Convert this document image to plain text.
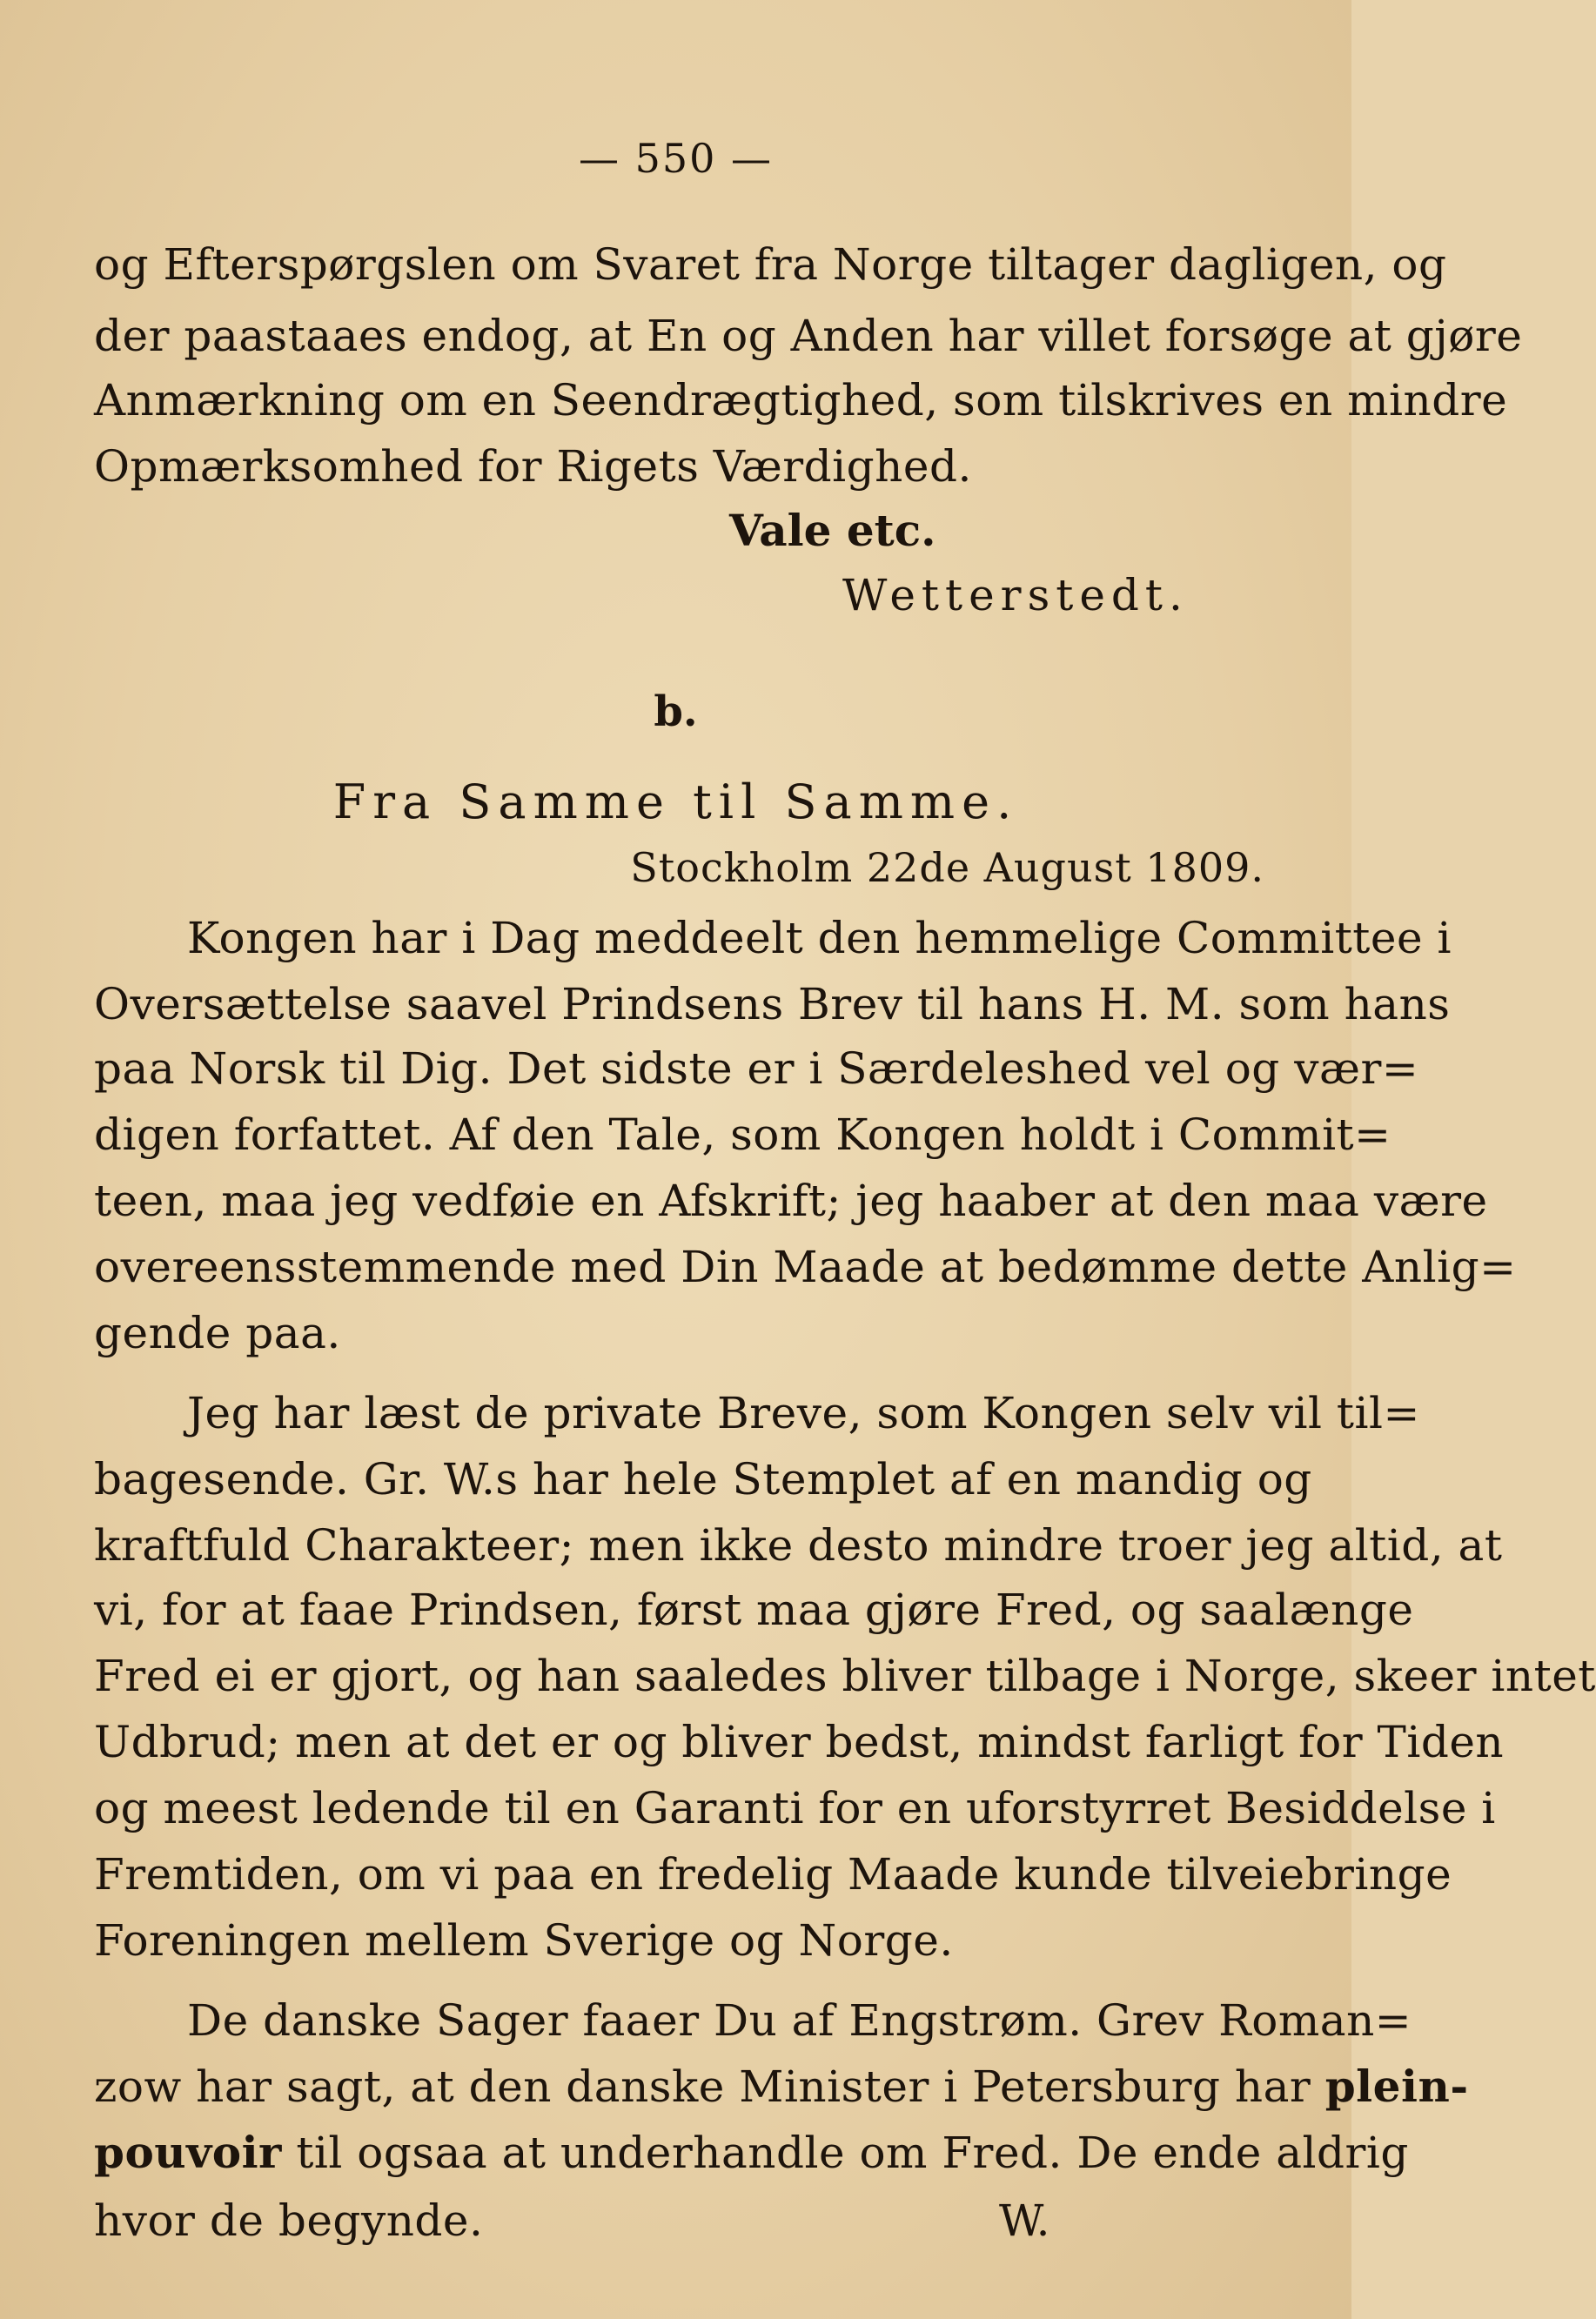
— 550 —
og Efterspørgslen om Svaret fra Norge tiltager dagligen, og
der paastaaes endog, at En og Anden har villet forsøge at gjøre
Anmærkning om en Seendrægtighed, som tilskrives en mindre
Opmærksomhed for Rigets Værdighed.
Vale etc.
Wetterstedt.
b.
Fra Samme til Samme.
Stockholm 22de August 1809.
Kongen har i Dag meddeelt den hemmelige Committee i
Oversættelse saavel Prindsens Brev til hans H. M. som hans
paa Norsk til Dig. Det sidste er i Særdeleshed vel og vær=
digen forfattet. Af den Tale, som Kongen holdt i Commit=
teen, maa jeg vedføie en Afskrift; jeg haaber at den maa være
overeensstemmende med Din Maade at bedømme dette Anlig=
gende paa.
Jeg har læst de private Breve, som Kongen selv vil til=
bagesende. Gr. W.s har hele Stemplet af en mandig og
kraftfuld Charakteer; men ikke desto mindre troer jeg altid, at
vi, for at faae Prindsen, først maa gjøre Fred, og saalænge
Fred ei er gjort, og han saaledes bliver tilbage i Norge, skeer intet
Udbrud; men at det er og bliver bedst, mindst farligt for Tiden
og meest ledende til en Garanti for en uforstyrret Besiddelse i
Fremtiden, om vi paa en fredelig Maade kunde tilveiebringe
Foreningen mellem Sverige og Norge.
De danske Sager faaer Du af Engstrøm. Grev Roman=
zow har sagt, at den danske Minister i Petersburg har plein-
pouvoir til ogsaa at underhandle om Fred. De ende aldrig
hvor de begynde.	W.
